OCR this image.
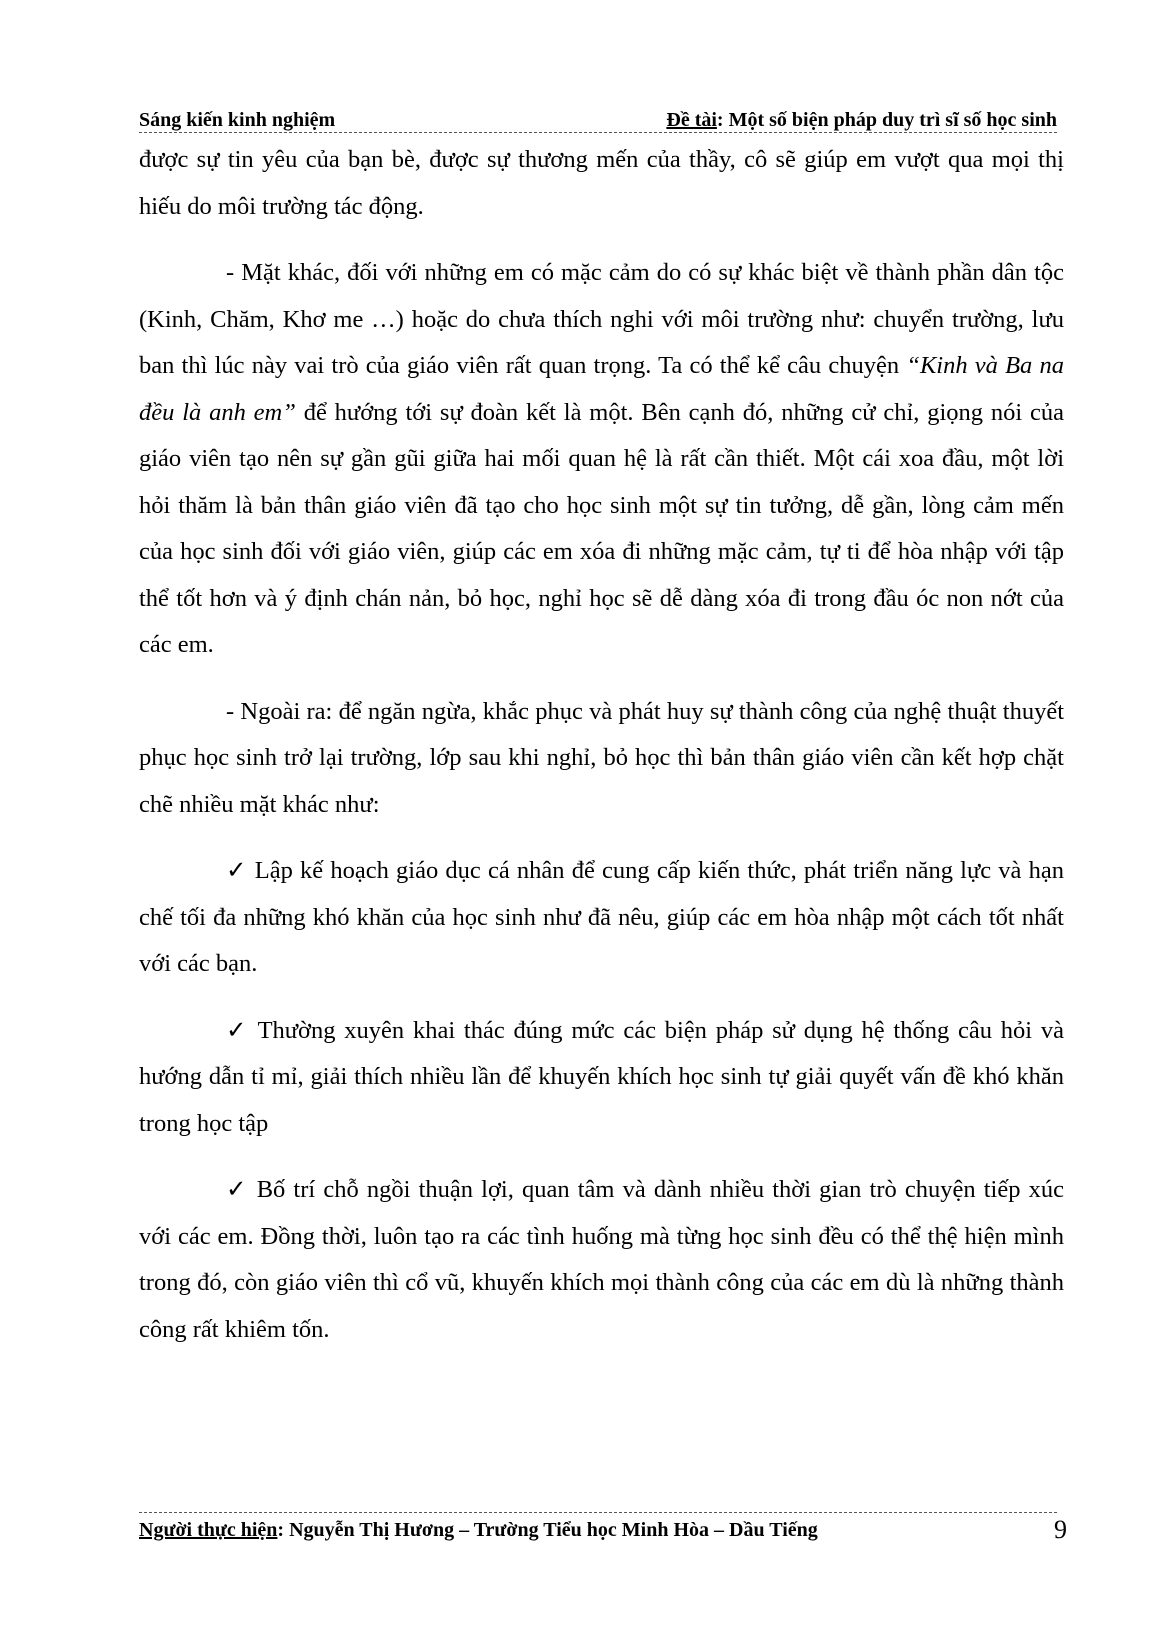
Sáng kiến kinh nghiệm	Đề tài: Một số biện pháp duy trì sĩ số học sinh

được sự tin yêu của bạn bè, được sự thương mến của thầy, cô sẽ giúp em vượt qua mọi thị hiếu do môi trường tác động.

- Mặt khác, đối với những em có mặc cảm do có sự khác biệt về thành phần dân tộc (Kinh, Chăm, Khơ me …) hoặc do chưa thích nghi với môi trường như: chuyển trường, lưu ban thì lúc này vai trò của giáo viên rất quan trọng. Ta có thể kể câu chuyện “Kinh và Ba na đều là anh em” để hướng tới sự đoàn kết là một. Bên cạnh đó, những cử chỉ, giọng nói của giáo viên tạo nên sự gần gũi giữa hai mối quan hệ là rất cần thiết. Một cái xoa đầu, một lời hỏi thăm là bản thân giáo viên đã tạo cho học sinh một sự tin tưởng, dễ gần, lòng cảm mến của học sinh đối với giáo viên, giúp các em xóa đi những mặc cảm, tự ti để hòa nhập với tập thể tốt hơn và ý định chán nản, bỏ học, nghỉ học sẽ dễ dàng xóa đi trong đầu óc non nớt của các em.

- Ngoài ra: để ngăn ngừa, khắc phục và phát huy sự thành công của nghệ thuật thuyết phục học sinh trở lại trường, lớp sau khi nghỉ, bỏ học thì bản thân giáo viên cần kết hợp chặt chẽ nhiều mặt khác như:

✓ Lập kế hoạch giáo dục cá nhân để cung cấp kiến thức, phát triển năng lực và hạn chế tối đa những khó khăn của học sinh như đã nêu, giúp các em hòa nhập một cách tốt nhất với các bạn.

✓ Thường xuyên khai thác đúng mức các biện pháp sử dụng hệ thống câu hỏi và hướng dẫn tỉ mỉ, giải thích nhiều lần để khuyến khích học sinh tự giải quyết vấn đề khó khăn trong học tập

✓ Bố trí chỗ ngồi thuận lợi, quan tâm và dành nhiều thời gian trò chuyện tiếp xúc với các em. Đồng thời, luôn tạo ra các tình huống mà từng học sinh đều có thể thệ hiện mình trong đó, còn giáo viên thì cổ vũ, khuyến khích mọi thành công của các em dù là những thành công rất khiêm tốn.

Người thực hiện: Nguyễn Thị Hương – Trường Tiểu học Minh Hòa – Dầu Tiếng	9
